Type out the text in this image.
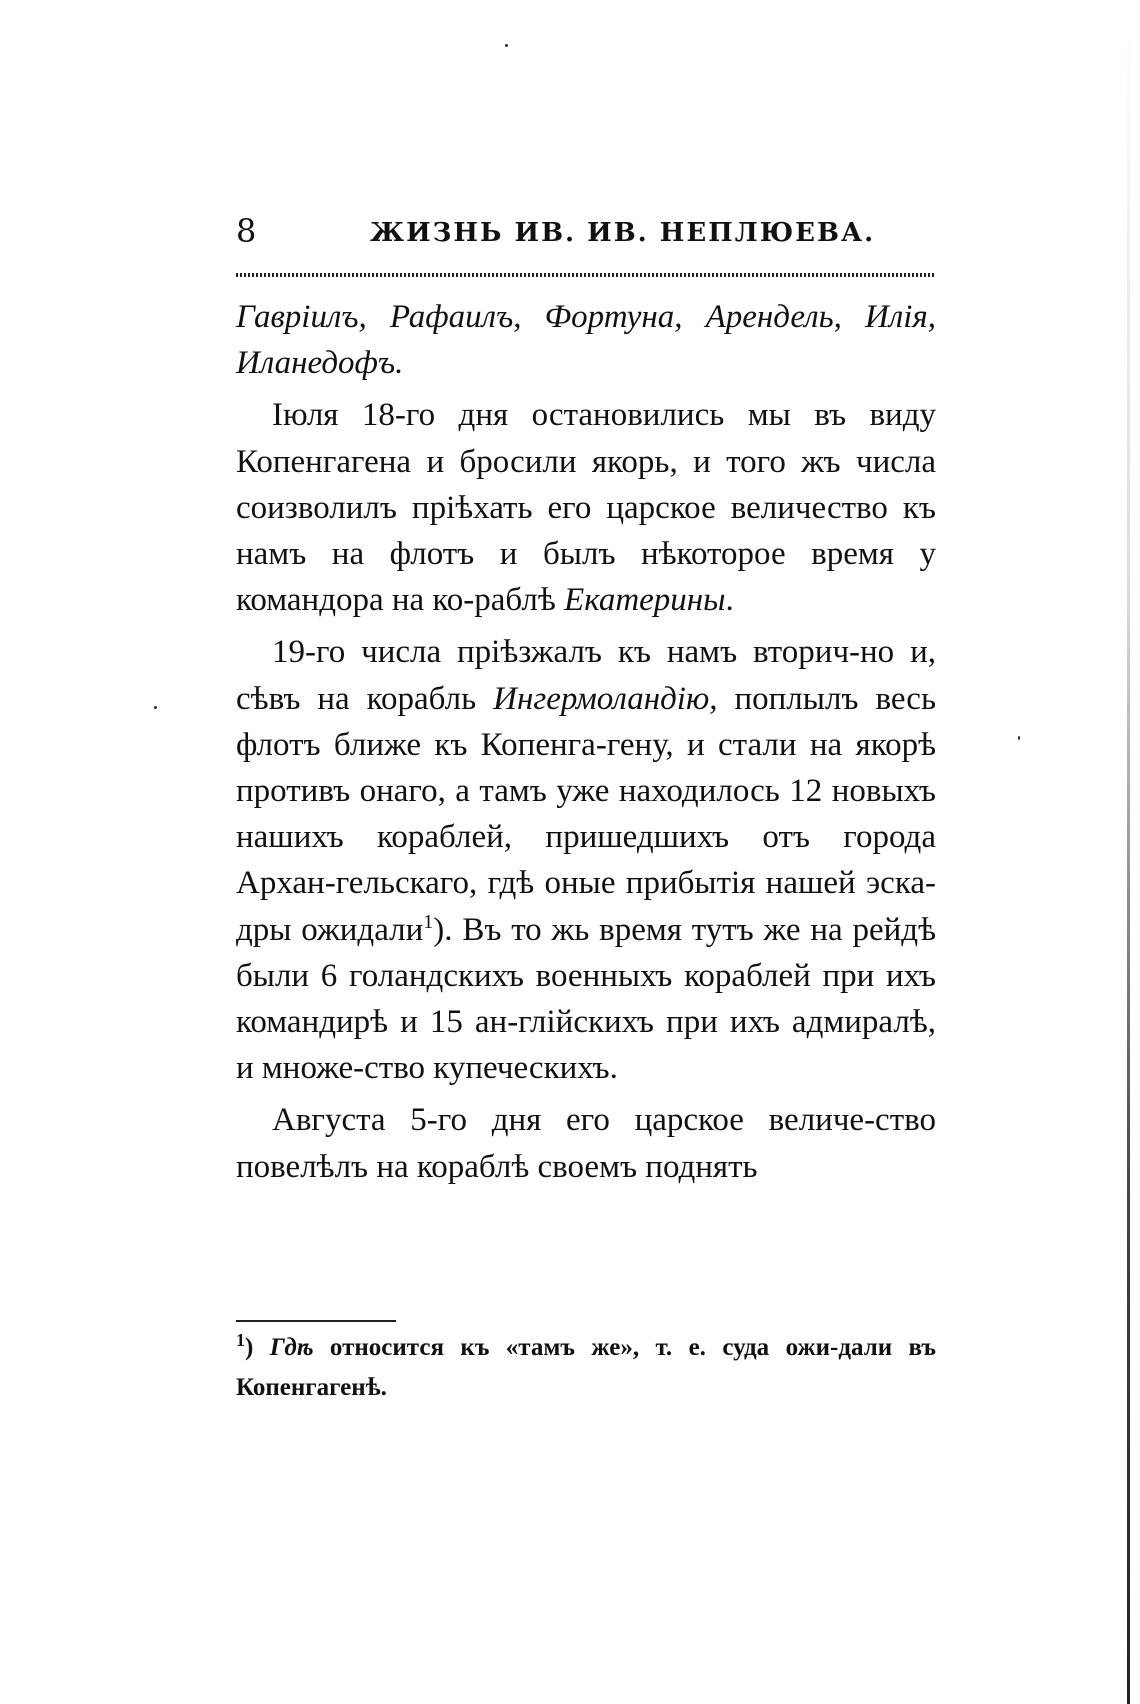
8	ЖИЗНЬ ИВ. ИВ. НЕПЛЮЕВА.

Гавріилъ, Рафаилъ, Фортуна, Арендель, Илія, Иланедофъ.

Іюля 18-го дня остановились мы въ виду Копенгагена и бросили якорь, и того жъ числа соизволилъ пріѣхать его царское величество къ намъ на флотъ и былъ нѣкоторое время у командора на ко-раблѣ Екатерины.

19-го числа пріѣзжалъ къ намъ вторич-но и, сѣвъ на корабль Ингермоландію, поплылъ весь флотъ ближе къ Копенга-гену, и стали на якорѣ противъ онаго, а тамъ уже находилось 12 новыхъ нашихъ кораблей, пришедшихъ отъ города Архан-гельскаго, гдѣ оные прибытія нашей эска-дры ожидали$^1$). Въ то жь время тутъ же на рейдѣ были 6 голандскихъ военныхъ кораблей при ихъ командирѣ и 15 ан-глійскихъ при ихъ адмиралѣ, и множе-ство купеческихъ.

Августа 5-го дня его царское величе-ство повелѣлъ на кораблѣ своемъ поднять

$^1$) Гдѣ относится къ «тамъ же», т. е. суда ожи-дали въ Копенгагенѣ.
